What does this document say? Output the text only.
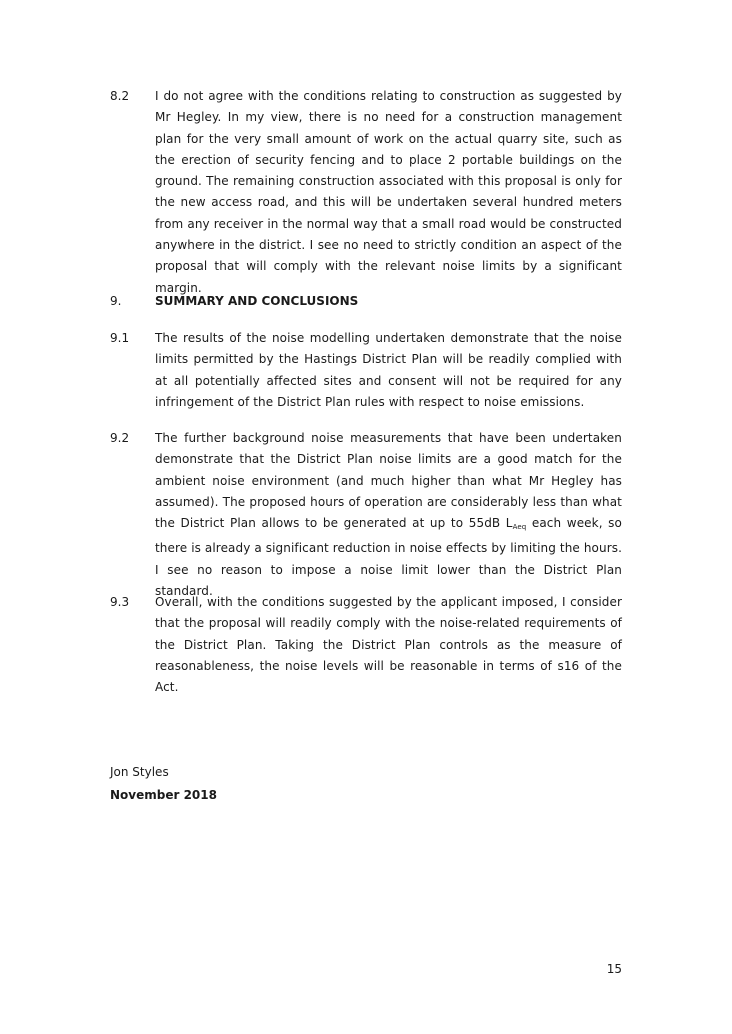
8.2 I do not agree with the conditions relating to construction as suggested by Mr Hegley. In my view, there is no need for a construction management plan for the very small amount of work on the actual quarry site, such as the erection of security fencing and to place 2 portable buildings on the ground. The remaining construction associated with this proposal is only for the new access road, and this will be undertaken several hundred meters from any receiver in the normal way that a small road would be constructed anywhere in the district. I see no need to strictly condition an aspect of the proposal that will comply with the relevant noise limits by a significant margin.
9.	SUMMARY AND CONCLUSIONS
9.1 The results of the noise modelling undertaken demonstrate that the noise limits permitted by the Hastings District Plan will be readily complied with at all potentially affected sites and consent will not be required for any infringement of the District Plan rules with respect to noise emissions.
9.2 The further background noise measurements that have been undertaken demonstrate that the District Plan noise limits are a good match for the ambient noise environment (and much higher than what Mr Hegley has assumed). The proposed hours of operation are considerably less than what the District Plan allows to be generated at up to 55dB $L_{Aeq}$ each week, so there is already a significant reduction in noise effects by limiting the hours. I see no reason to impose a noise limit lower than the District Plan standard.
9.3 Overall, with the conditions suggested by the applicant imposed, I consider that the proposal will readily comply with the noise-related requirements of the District Plan. Taking the District Plan controls as the measure of reasonableness, the noise levels will be reasonable in terms of s16 of the Act.
Jon Styles
November 2018
15
